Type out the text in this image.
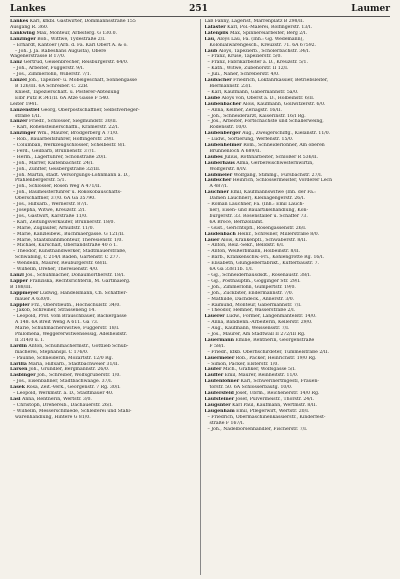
Lankes	251	Laumer
Lankes Karl, kfkbl. Gastwirter, Dommannsstraße 155
Ausgang R. 360.
Lankwing Max, Monteur, Arbeiterg. G 130.0.
Lanzinger Bob., Wittwe, Tydestraße 2/I.
– Erhardt, Kantoer (Arb. d. Fa. Karl Obert A. & o.
– Joh. J. Ja. Rabeshans Augusta), Obere
Wagenerstrasse B 17/0.
Lanz Gertrud, Geisenbrecher, Reisburgerstr. 64/0.
– Joh., Arbeiter, Fuggerstr. 9/I.
– Jos., Zimmerlöhn, Willerstr. 7/1.
Lanzel Joh., Tapezier- u. Möbelgeschäft, Sonnengasse
B 126/III. 6A Schreiber. C. 22B.
Kniest, Tapezierschäft. u. Posterer-Abteilung
Elbr Pütz R 341/II. 6A Atze Gasse F 540.
Leiter 1941.
Lanzenstiel Georg, Oberpostschaffner, Selbstverleger-
straße 1/II.
Lanzer Friedr., Schlosser, Siegmundstr. 30/II.
– Karl, Rohensteinerschaffn., Kramerstr. 22/I.
Lanzinger Wm., Maurer, Brodgerberg A 71/0.
– Rob., Bauarbeitsführer, Hoffingerstr. 29/I.
– Columban, Werkzeugschlosser, Schelbestr. 8/I.
– Ferd., Geilbarb, Brunnenstr. 37/1.
– Herm., Lagerführer, Schönstraße 20/I.
– Joh., Marrer, Kaltenbachstr. 24/I.
– Joh., Zunfter, Geisbergstraße 32/III.
– Joh. Martin, städt. Versorgungs-Lohnmann a. D.,
Pfahlenbergerstr. 5/1.
– Joh., Schlosser, Rosen Weg A 471/II.
– Joh., Baumeisterführer u. Rokokobauschafts-
Oberschaffner, 37/0. 6A Gä 35790.
– Jos., Hilfsarb., Wernerstr. 87/I.
– Josepha, Witwe, Kreuzstr. 2/I.
– Jos., Gastwirt, Karstraße 11/0.
– Karl, Zeitungsverkäufer, Brünnerstr. 18/0.
– Marie, Zugläufer, Arnulfstr. 11/0.
– Marie, Kanzleibew., Buchmaergasse. G 121/II.
– Marie, Staatsbahnmonteur, Theresienstr. 1/0.
– Michael, Kürschalt, Oberlandstraße 40 o 1.
– Theodor, Kunsthandwerker, Stadtmauerstraße,
Schwabing, C 214/I Baden, Gartenstr. C 277.
– Wendelin, Maurer, Reuburgerstr. 68/II.
– Wilhelm, Dreher, Theresienstr. 4/0.
Lanzl Jos., Schuhmacher, Donaumörtherstr. 18/I.
Lapper Franziska, Rechtsrichterin, M. Gartmaierg.
B 188/III.
Lappmeyer Ludwig, Handelsmann, Ch. Schäffler-
mauer A 630/0.
Lappler Frz., Oberstleutn., Hochschulstr. 34/0.
– Jakob, Schreiner, Strasseneng 14.
– Leopold, Prof. vom Brauschbauer, Bäckergasse
A 148. 6A Breit Weng A 611. Gå 73.
Marie, Schuhmacherswitwe, Fuggerstr. 18/I.
Philomena, Weggererwitwensessig, Adelheidstr.
II 314/0 u. I.
Lardin Anton, Schuhmachermstr., Gottlieb Schub-
macherei, Stephanspl. C 176/0.
– Pauline, Schneiderin, Mozartstr. 12/0 Rg.
Larilla Maria, Hilfsarb., Stadtbachweier 31/II.
Larsen Joh., Gründler, Bergmannstr. 26/0.
Lasbinger Joh., Schreiber, Wolfsgruberstr. 1/0.
– Jos., Eisenbahner, Stadtbachwaage. 37/I.
Lasek Rosa, Zeit.-Verk., Georgenstr. 7 Rg. 30/I.
– Leopold, Werkmstr. a. D., Stadtmauer 40.
Lasl Anna, Rentnerin, Wertstr. 3/0.
– Christoph, Drehereib., Dachauerstr. 26/I.
– Wilhelm, Messerschmiede, Schleiferei und Stahl-
warenhandlung, Hintere G 81/0.
Laß Fanny, Lagerist, Marrenplatz B 298/II.
Lafaster Karl, Pol.-Malerei, Rolfingerstr. 13/I.
Latenpils Max, Spinnereiarbeiter, Berg 2/I.
Lau, Aloys Lau, Fa. (Inh.: Gg. Wedemann),
Kolonialwarengesch., Kreuzstr. 71. 6A 67592.
Laub Aloys, Tapezierb., Schölerbachstr. 34/I.
– Franz, Kruse, Tapezierstr. 5/0.
– Franz, Fabrikarbeiter a. D., Kreuzstr. 5/1.
– Kath., Witwe, Zubehörstr. II 12/I.
– Juli., Näher, Schreberstr. 4/0.
Laubacher Friedrich, Lokfahrkassier, Betriebsleiter,
Biermannstr. 23/I.
– Karl, Kaufmann, Gabermannstr. 5a/0.
Laube Aloys von, Oberst a. D., Holbeinstr. 6/II.
Laubenbacher Alois, Kaufmann, Gollwitzerstr. 6/0.
– Anna, Kellner, Zeriagstr. 16/II.
– Joh., Schneiderarzt, Kaiserinstr. 16/I Rg.
– Jos., Arbeiter, Fortschachste und Schallerweing,
Rödensstr. 10/0.
Laubenberger Aug., Zweigerschiffg., Kielanstr. 11/0.
– Ludw., Sortierung, Werfenstr. 15/0.
Laubenheimer Rom., Schneiderlöhner, Am oberen
Brunnenloch A 689/II.
Laubes Julius, Rothnarbeiter, Schloßer R 536/II.
Lauberhaus Alma, Gerbereischwesternwirtin,
Wolfgerstr. 8/IV.
Laubmeier Wolfgang, Stimmg., Fürsbachstr. 27/I.
Laubscher Heinrich, Schlossermeister, Vorderer Lech
A 487/I.
Lauchner Emil, Kaufmannswitwe (Inh. der Fa.:
Damen Lauchner), Kleinagengerstr. 26/I.
– Roman Lauchner, Fa. (Inh.: Emil Lauch-
ner), Eisen- und Bauartikelhandlung, Kon-
burgerstr. 33. Rosenstaller u. Schaffer 73.
6A Broce, Bernzollamt.
– Gust., Gerichtspfl., Rosengassenstr. 26/I.
Laudenbach Heinr., Schreiner, Millerstraße 8/0.
Lauer Alois, Krankenpfl., Schwaberstr. 8/II.
– Anton, Reiz.-Sekr., Belldstr. 6/I.
– Anton, Weißerbmann, Holbeinstr. 8/II.
– Barb., Krankenschw.-Fri., Kohlengrotte Rg. 16/I.
– Elisabeth, Glühgießerfabrikt., Kutterbaustr. 7.
6A Gä 33811b. 1/I.
– Gg., Schneiderhausdsdt., Rosenaustr. 38/I.
– Gg., Posthauptm., Gögginger Str. 29/I.
– Joh., Zimmerlöhn, Gumpertstr. 19/0.
– Joh., Zuckbiter, Endermannstr. 7/0.
– Mathilde, Dachdeck., Annerstr. 3/0.
– Raimund, Monteur, Gabermannstr. 7/I.
– Theodor, Hemner, Wasserstraße 2/I.
Lauerer Ludw., Former, Langenmantelstr. 14/0.
– Anna, Bandlenn.-Arbeiterin, Kellerstr. 29/0.
– Aug., Kaufmann, Weissensstr. 7/I.
– Jos., Maurer, Am Stadtwall II 272/III Rg.
Lauermann Emilie, Rentnerin, Georgenstraße
F 58/I.
– Friedr., kfkb. Oberfischirdeter, Tummelstraße 2/II.
Lauermeier Rob., Packer, Heinrichstr. 19/0 Rg.
– Simon, Packer, Elsterstr. 1/0.
Laufer Mich., Grafiker, Wolfsgasse 5/I.
Lauffer Emil, Maurer, Reinheitstr. 11/0.
Laufenlöhner Karl, Schwerinertmgestl, Frauen-
torstr. 50. 6A Schlosserbautg. 10/0.
Laufersfeld Josef, Ubrm., Reichenerstr. 14/0 Rg.
Laufsteiner Josef, Pulvermeistr., Thorstr. 24/I.
Laugsnter Karl Paul, Kaufmann, Wertmstr. 8/II.
Laugenham Emil, Pflegerwirt, Wertstr. 20/I.
– Friedrich, Obermaschinenkassierstr., Kinderfest-
straße F 167/I.
– Joh., Nadelbörsenhändler, Fischerstr. 7/I.
